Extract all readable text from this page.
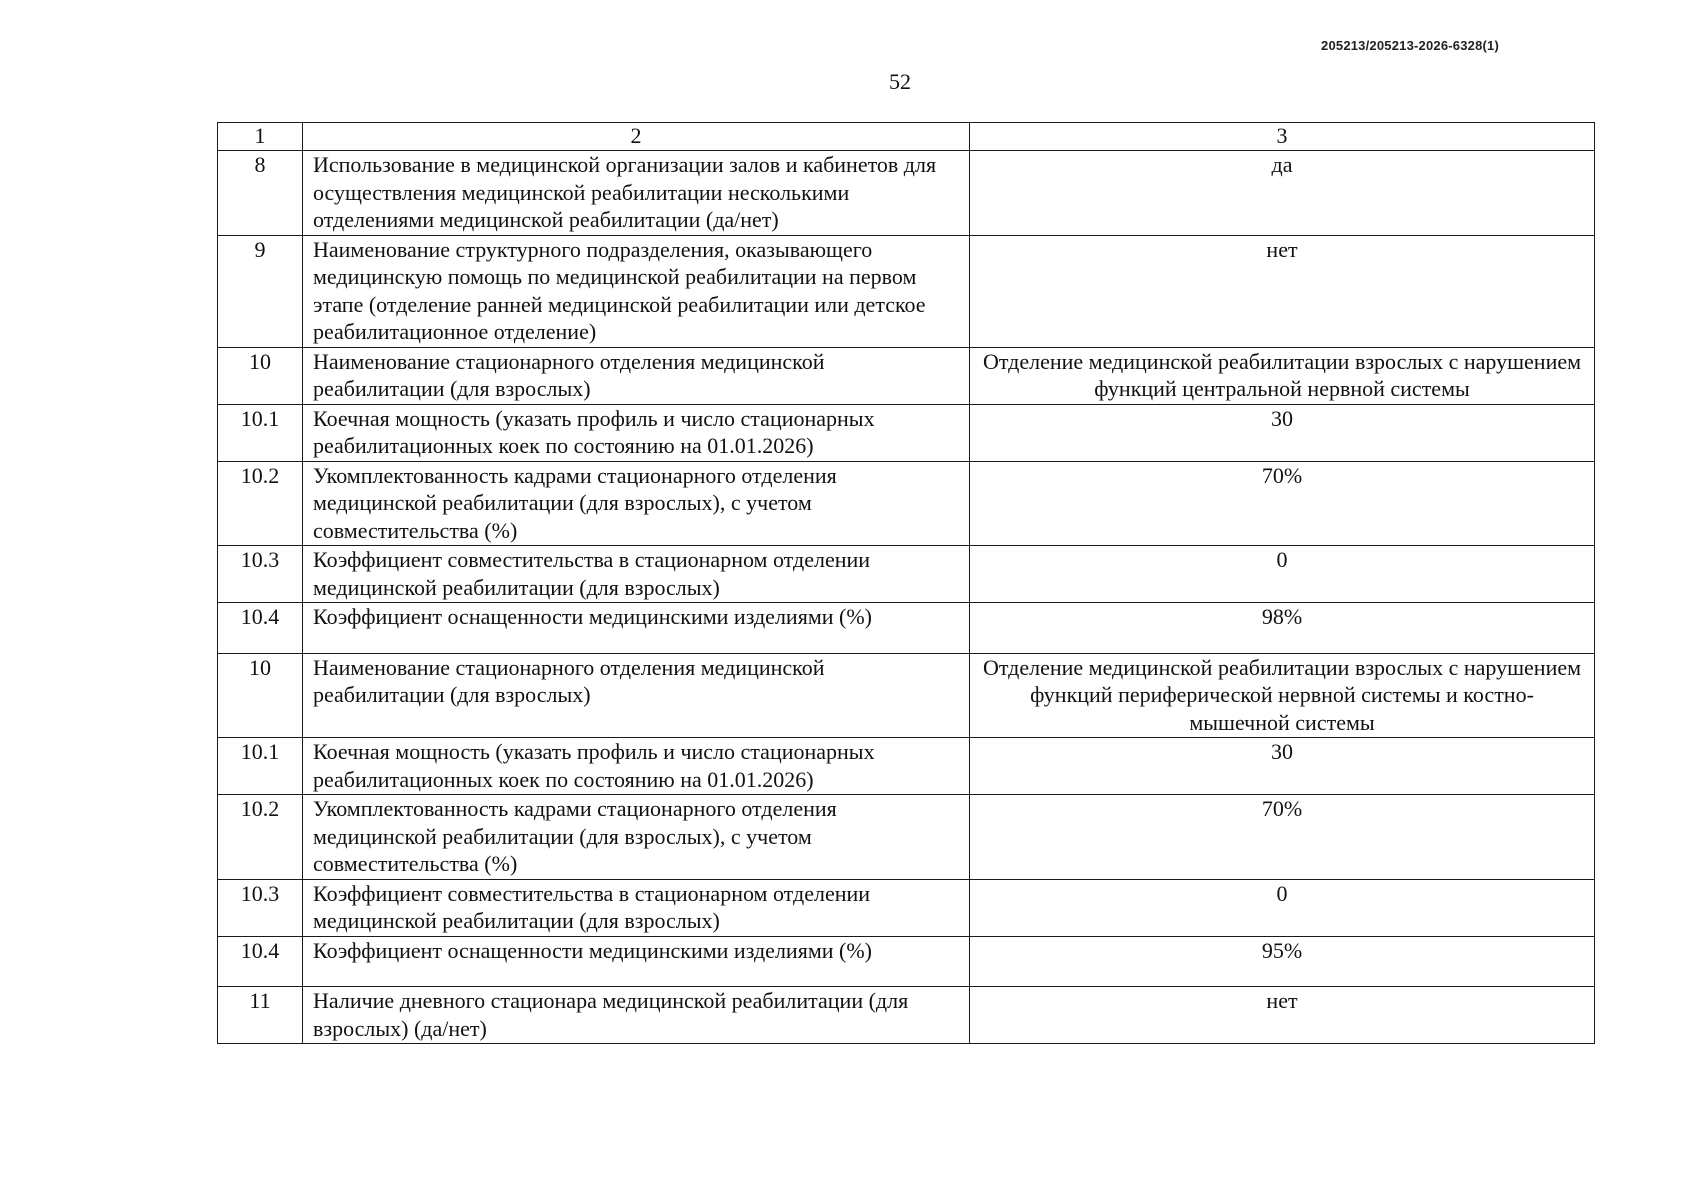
205213/205213-2026-6328(1)
52
1	2	3
8	Использование в медицинской организации залов и кабинетов для осуществления медицинской реабилитации несколькими отделениями медицинской реабилитации (да/нет)	да
9	Наименование структурного подразделения, оказывающего медицинскую помощь по медицинской реабилитации на первом этапе (отделение ранней медицинской реабилитации или детское реабилитационное отделение)	нет
10	Наименование стационарного отделения медицинской реабилитации (для взрослых)	Отделение медицинской реабилитации взрослых с нарушением функций центральной нервной системы
10.1	Коечная мощность (указать профиль и число стационарных реабилитационных коек по состоянию на 01.01.2026)	30
10.2	Укомплектованность кадрами стационарного отделения медицинской реабилитации (для взрослых), с учетом совместительства (%)	70%
10.3	Коэффициент совместительства в стационарном отделении медицинской реабилитации (для взрослых)	0
10.4	Коэффициент оснащенности медицинскими изделиями (%)	98%
10	Наименование стационарного отделения медицинской реабилитации (для взрослых)	Отделение медицинской реабилитации взрослых с нарушением функций периферической нервной системы и костно-мышечной системы
10.1	Коечная мощность (указать профиль и число стационарных реабилитационных коек по состоянию на 01.01.2026)	30
10.2	Укомплектованность кадрами стационарного отделения медицинской реабилитации (для взрослых), с учетом совместительства (%)	70%
10.3	Коэффициент совместительства в стационарном отделении медицинской реабилитации (для взрослых)	0
10.4	Коэффициент оснащенности медицинскими изделиями (%)	95%
11	Наличие дневного стационара медицинской реабилитации (для взрослых) (да/нет)	нет
